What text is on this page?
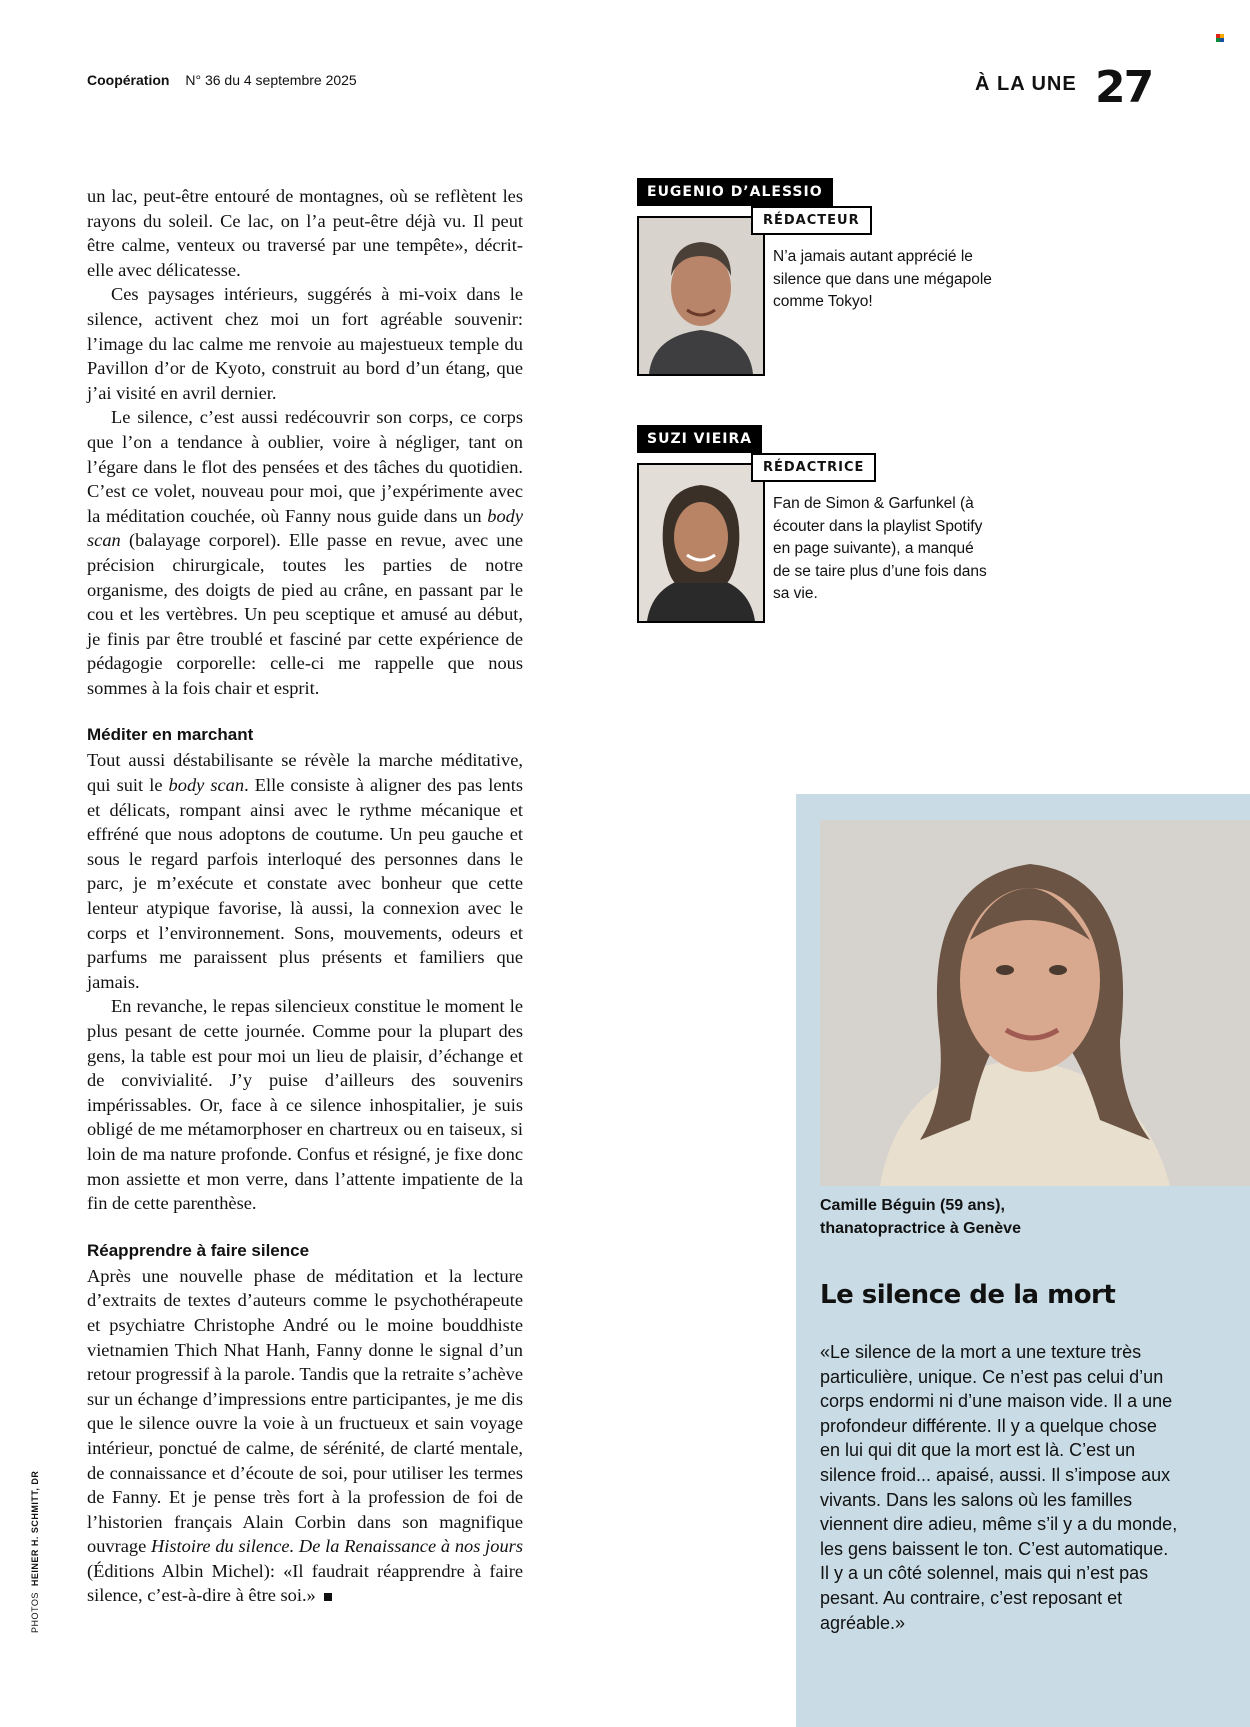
Coopération N° 36 du 4 septembre 2025	À LA UNE 27

un lac, peut-être entouré de montagnes, où se reflètent les rayons du soleil. Ce lac, on l’a peut-être déjà vu. Il peut être calme, venteux ou traversé par une tempête», décrit-elle avec délicatesse.

Ces paysages intérieurs, suggérés à mi-voix dans le silence, activent chez moi un fort agréable souvenir: l’image du lac calme me renvoie au majestueux temple du Pavillon d’or de Kyoto, construit au bord d’un étang, que j’ai visité en avril dernier.

Le silence, c’est aussi redécouvrir son corps, ce corps que l’on a tendance à oublier, voire à négliger, tant on l’égare dans le flot des pensées et des tâches du quotidien. C’est ce volet, nouveau pour moi, que j’expérimente avec la méditation couchée, où Fanny nous guide dans un body scan (balayage corporel). Elle passe en revue, avec une précision chirurgicale, toutes les parties de notre organisme, des doigts de pied au crâne, en passant par le cou et les vertèbres. Un peu sceptique et amusé au début, je finis par être troublé et fasciné par cette expérience de pédagogie corporelle: celle-ci me rappelle que nous sommes à la fois chair et esprit.

Méditer en marchant

Tout aussi déstabilisante se révèle la marche méditative, qui suit le body scan. Elle consiste à aligner des pas lents et délicats, rompant ainsi avec le rythme mécanique et effréné que nous adoptons de coutume. Un peu gauche et sous le regard parfois interloqué des personnes dans le parc, je m’exécute et constate avec bonheur que cette lenteur atypique favorise, là aussi, la connexion avec le corps et l’environnement. Sons, mouvements, odeurs et parfums me paraissent plus présents et familiers que jamais.

En revanche, le repas silencieux constitue le moment le plus pesant de cette journée. Comme pour la plupart des gens, la table est pour moi un lieu de plaisir, d’échange et de convivialité. J’y puise d’ailleurs des souvenirs impérissables. Or, face à ce silence inhospitalier, je suis obligé de me métamorphoser en chartreux ou en taiseux, si loin de ma nature profonde. Confus et résigné, je fixe donc mon assiette et mon verre, dans l’attente impatiente de la fin de cette parenthèse.

Réapprendre à faire silence

Après une nouvelle phase de méditation et la lecture d’extraits de textes d’auteurs comme le psychothérapeute et psychiatre Christophe André ou le moine bouddhiste vietnamien Thich Nhat Hanh, Fanny donne le signal d’un retour progressif à la parole. Tandis que la retraite s’achève sur un échange d’impressions entre participantes, je me dis que le silence ouvre la voie à un fructueux et sain voyage intérieur, ponctué de calme, de sérénité, de clarté mentale, de connaissance et d’écoute de soi, pour utiliser les termes de Fanny. Et je pense très fort à la profession de foi de l’historien français Alain Corbin dans son magnifique ouvrage Histoire du silence. De la Renaissance à nos jours (Éditions Albin Michel): «Il faudrait réapprendre à faire silence, c’est-à-dire à être soi.»

EUGENIO D’ALESSIO
RÉDACTEUR
N’a jamais autant apprécié le silence que dans une mégapole comme Tokyo!
SUZI VIEIRA
RÉDACTRICE
Fan de Simon & Garfunkel (à écouter dans la playlist Spotify en page suivante), a manqué de se taire plus d’une fois dans sa vie.
Camille Béguin (59 ans),
thanatopractrice à Genève
Le silence de la mort
«Le silence de la mort a une texture très particulière, unique. Ce n’est pas celui d’un corps endormi ni d’une maison vide. Il a une profondeur différente. Il y a quelque chose en lui qui dit que la mort est là. C’est un silence froid... apaisé, aussi. Il s’impose aux vivants. Dans les salons où les familles viennent dire adieu, même s’il y a du monde, les gens baissent le ton. C’est automatique. Il y a un côté solennel, mais qui n’est pas pesant. Au contraire, c’est reposant et agréable.»
PHOTOSHEINER H. SCHMITT, DR
